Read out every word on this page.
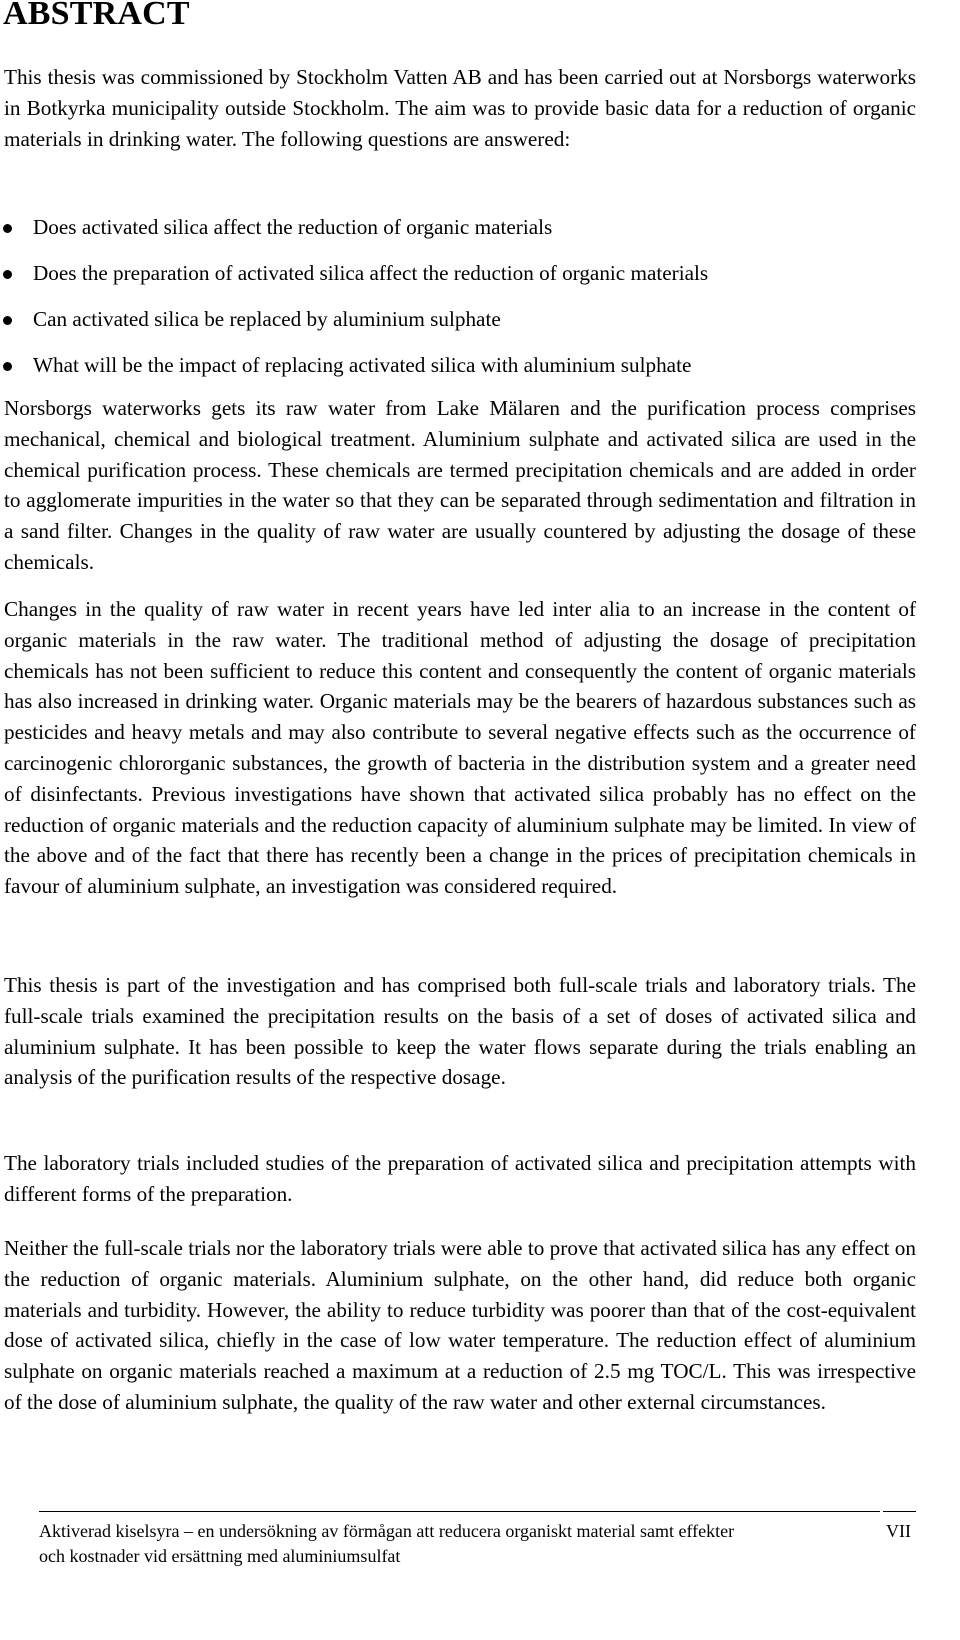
ABSTRACT

This thesis was commissioned by Stockholm Vatten AB and has been carried out at Norsborgs waterworks in Botkyrka municipality outside Stockholm. The aim was to provide basic data for a reduction of organic materials in drinking water. The following questions are answered:

Does activated silica affect the reduction of organic materials
Does the preparation of activated silica affect the reduction of organic materials
Can activated silica be replaced by aluminium sulphate
What will be the impact of replacing activated silica with aluminium sulphate

Norsborgs waterworks gets its raw water from Lake Mälaren and the purification process comprises mechanical, chemical and biological treatment. Aluminium sulphate and activated silica are used in the chemical purification process. These chemicals are termed precipitation chemicals and are added in order to agglomerate impurities in the water so that they can be separated through sedimentation and filtration in a sand filter. Changes in the quality of raw water are usually countered by adjusting the dosage of these chemicals.

Changes in the quality of raw water in recent years have led inter alia to an increase in the content of organic materials in the raw water. The traditional method of adjusting the dosage of precipitation chemicals has not been sufficient to reduce this content and consequently the content of organic materials has also increased in drinking water. Organic materials may be the bearers of hazardous substances such as pesticides and heavy metals and may also contribute to several negative effects such as the occurrence of carcinogenic chlororganic substances, the growth of bacteria in the distribution system and a greater need of disinfectants. Previous investigations have shown that activated silica probably has no effect on the reduction of organic materials and the reduction capacity of aluminium sulphate may be limited. In view of the above and of the fact that there has recently been a change in the prices of precipitation chemicals in favour of aluminium sulphate, an investigation was considered required.

This thesis is part of the investigation and has comprised both full-scale trials and laboratory trials. The full-scale trials examined the precipitation results on the basis of a set of doses of activated silica and aluminium sulphate. It has been possible to keep the water flows separate during the trials enabling an analysis of the purification results of the respective dosage.

The laboratory trials included studies of the preparation of activated silica and precipitation attempts with different forms of the preparation.

Neither the full-scale trials nor the laboratory trials were able to prove that activated silica has any effect on the reduction of organic materials. Aluminium sulphate, on the other hand, did reduce both organic materials and turbidity. However, the ability to reduce turbidity was poorer than that of the cost-equivalent dose of activated silica, chiefly in the case of low water temperature. The reduction effect of aluminium sulphate on organic materials reached a maximum at a reduction of 2.5 mg TOC/L. This was irrespective of the dose of aluminium sulphate, the quality of the raw water and other external circumstances.

Aktiverad kiselsyra – en undersökning av förmågan att reducera organiskt material samt effekter
och kostnader vid ersättning med aluminiumsulfat
VII
